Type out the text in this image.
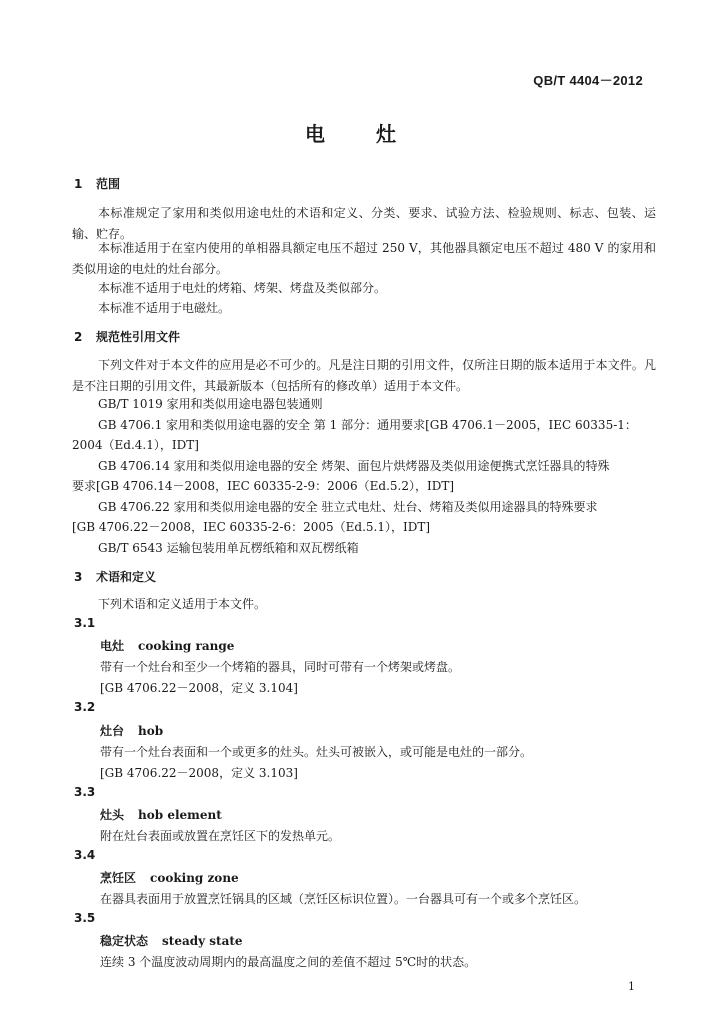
QB/T 4404－2012
电 灶
1 范围
本标准规定了家用和类似用途电灶的术语和定义、分类、要求、试验方法、检验规则、标志、包装、运输、贮存。
本标准适用于在室内使用的单相器具额定电压不超过 250 V，其他器具额定电压不超过 480 V 的家用和类似用途的电灶的灶台部分。
本标准不适用于电灶的烤箱、烤架、烤盘及类似部分。
本标准不适用于电磁灶。
2 规范性引用文件
下列文件对于本文件的应用是必不可少的。凡是注日期的引用文件，仅所注日期的版本适用于本文件。凡是不注日期的引用文件，其最新版本（包括所有的修改单）适用于本文件。
GB/T 1019 家用和类似用途电器包装通则
GB 4706.1 家用和类似用途电器的安全 第 1 部分：通用要求[GB 4706.1－2005，IEC 60335-1：
2004（Ed.4.1），IDT]
GB 4706.14 家用和类似用途电器的安全 烤架、面包片烘烤器及类似用途便携式烹饪器具的特殊
要求[GB 4706.14－2008，IEC 60335-2-9：2006（Ed.5.2），IDT]
GB 4706.22 家用和类似用途电器的安全 驻立式电灶、灶台、烤箱及类似用途器具的特殊要求
[GB 4706.22－2008，IEC 60335-2-6：2005（Ed.5.1），IDT]
GB/T 6543 运输包装用单瓦楞纸箱和双瓦楞纸箱
3 术语和定义
下列术语和定义适用于本文件。
3.1
电灶 cooking range
带有一个灶台和至少一个烤箱的器具，同时可带有一个烤架或烤盘。
[GB 4706.22－2008，定义 3.104]
3.2
灶台 hob
带有一个灶台表面和一个或更多的灶头。灶头可被嵌入，或可能是电灶的一部分。
[GB 4706.22－2008，定义 3.103]
3.3
灶头 hob element
附在灶台表面或放置在烹饪区下的发热单元。
3.4
烹饪区 cooking zone
在器具表面用于放置烹饪锅具的区域（烹饪区标识位置）。一台器具可有一个或多个烹饪区。
3.5
稳定状态 steady state
连续 3 个温度波动周期内的最高温度之间的差值不超过 5℃时的状态。
1
